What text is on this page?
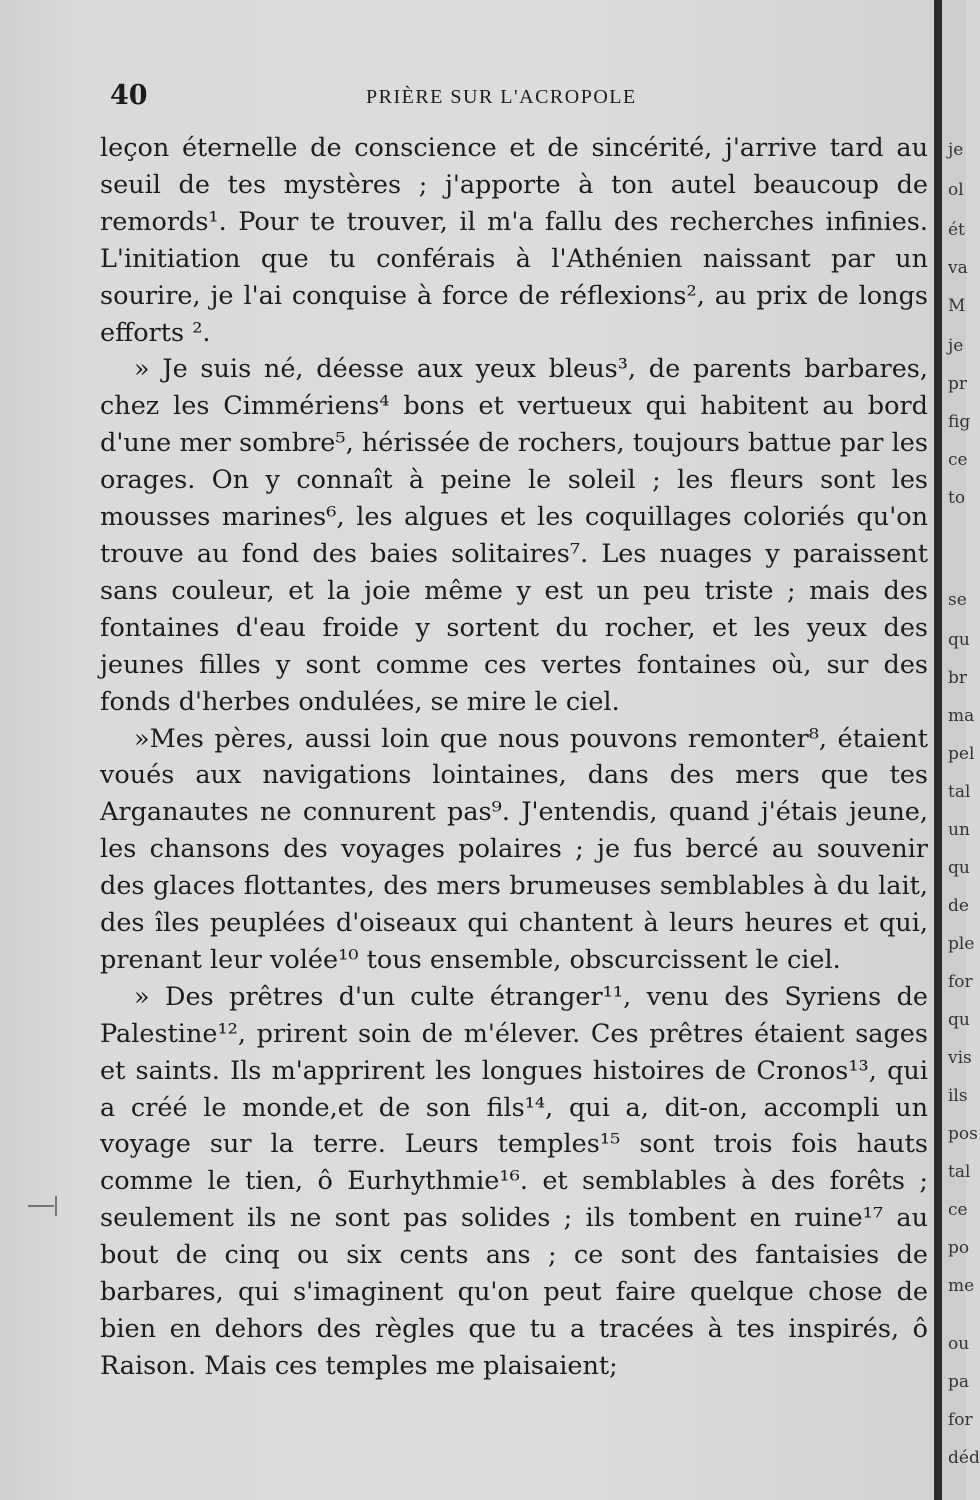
40	PRIÈRE SUR L'ACROPOLE

leçon éternelle de conscience et de sincérité, j'arrive tard au seuil de tes mystères ; j'apporte à ton autel beaucoup de remords¹. Pour te trouver, il m'a fallu des recherches infinies. L'initiation que tu conférais à l'Athénien naissant par un sourire, je l'ai conquise à force de réflexions², au prix de longs efforts ².

» Je suis né, déesse aux yeux bleus³, de parents barbares, chez les Cimmériens⁴ bons et vertueux qui habitent au bord d'une mer sombre⁵, hérissée de rochers, toujours battue par les orages. On y connaît à peine le soleil ; les fleurs sont les mousses marines⁶, les algues et les coquillages coloriés qu'on trouve au fond des baies solitaires⁷. Les nuages y paraissent sans couleur, et la joie même y est un peu triste ; mais des fontaines d'eau froide y sortent du rocher, et les yeux des jeunes filles y sont comme ces vertes fontaines où, sur des fonds d'herbes ondulées, se mire le ciel.

»Mes pères, aussi loin que nous pouvons remonter⁸, étaient voués aux navigations lointaines, dans des mers que tes Arganautes ne connurent pas⁹. J'entendis, quand j'étais jeune, les chansons des voyages polaires ; je fus bercé au souvenir des glaces flottantes, des mers brumeuses semblables à du lait, des îles peuplées d'oiseaux qui chantent à leurs heures et qui, prenant leur volée¹⁰ tous ensemble, obscurcissent le ciel.

» Des prêtres d'un culte étranger¹¹, venu des Syriens de Palestine¹², prirent soin de m'élever. Ces prêtres étaient sages et saints. Ils m'apprirent les longues histoires de Cronos¹³, qui a créé le monde,et de son fils¹⁴, qui a, dit-on, accompli un voyage sur la terre. Leurs temples¹⁵ sont trois fois hauts comme le tien, ô Eurhythmie¹⁶. et semblables à des forêts ; seulement ils ne sont pas solides ; ils tombent en ruine¹⁷ au bout de cinq ou six cents ans ; ce sont des fantaisies de barbares, qui s'imaginent qu'on peut faire quelque chose de bien en dehors des règles que tu a tracées à tes inspirés, ô Raison. Mais ces temples me plaisaient;

je
ol
ét
va
M
je
pr
fig
ce
to
se
qu
br
ma
pel
tal
un
qu
de
ple
for
qu
vis
ils
pos
tal
ce
po
me
ou
pa
for
déd
